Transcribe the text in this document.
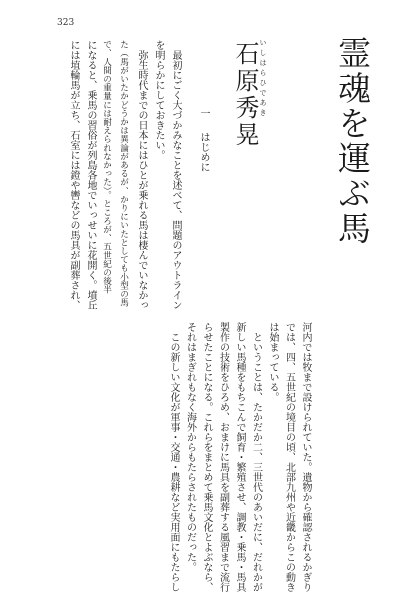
323
霊魂を運ぶ馬
いしはらひであき
石原秀晃
一はじめに
最初にごく大づかみなことを述べて、問題のアウトライン
を明らかにしておきたい。
弥生時代までの日本にはひとが乗れる馬は棲んでいなかっ
た（馬がいたかどうかは異論があるが、かりにいたとしても小型の馬
で、人間の重量には耐えられなかった）。ところが、五世紀の後半
になると、乗馬の習俗が列島各地でいっせいに花開く。墳丘
には埴輪馬が立ち、石室には鐙や轡などの馬具が副葬され、
河内では牧まで設けられていた。遺物から確認されるかぎり
では、四、五世紀の境目の頃、北部九州や近畿からこの動き
は始まっている。
ということは、たかだか二、三世代のあいだに、だれかが
新しい馬種をもちこんで飼育・繁殖させ、調教・乗馬・馬具
製作の技術をひろめ、おまけに馬具を副葬する風習まで流行
らせたことになる。これらをまとめて乗馬文化とよぶなら、
それはまぎれもなく海外からもたらされたものだった。
この新しい文化が軍事・交通・農耕など実用面にもたらし
